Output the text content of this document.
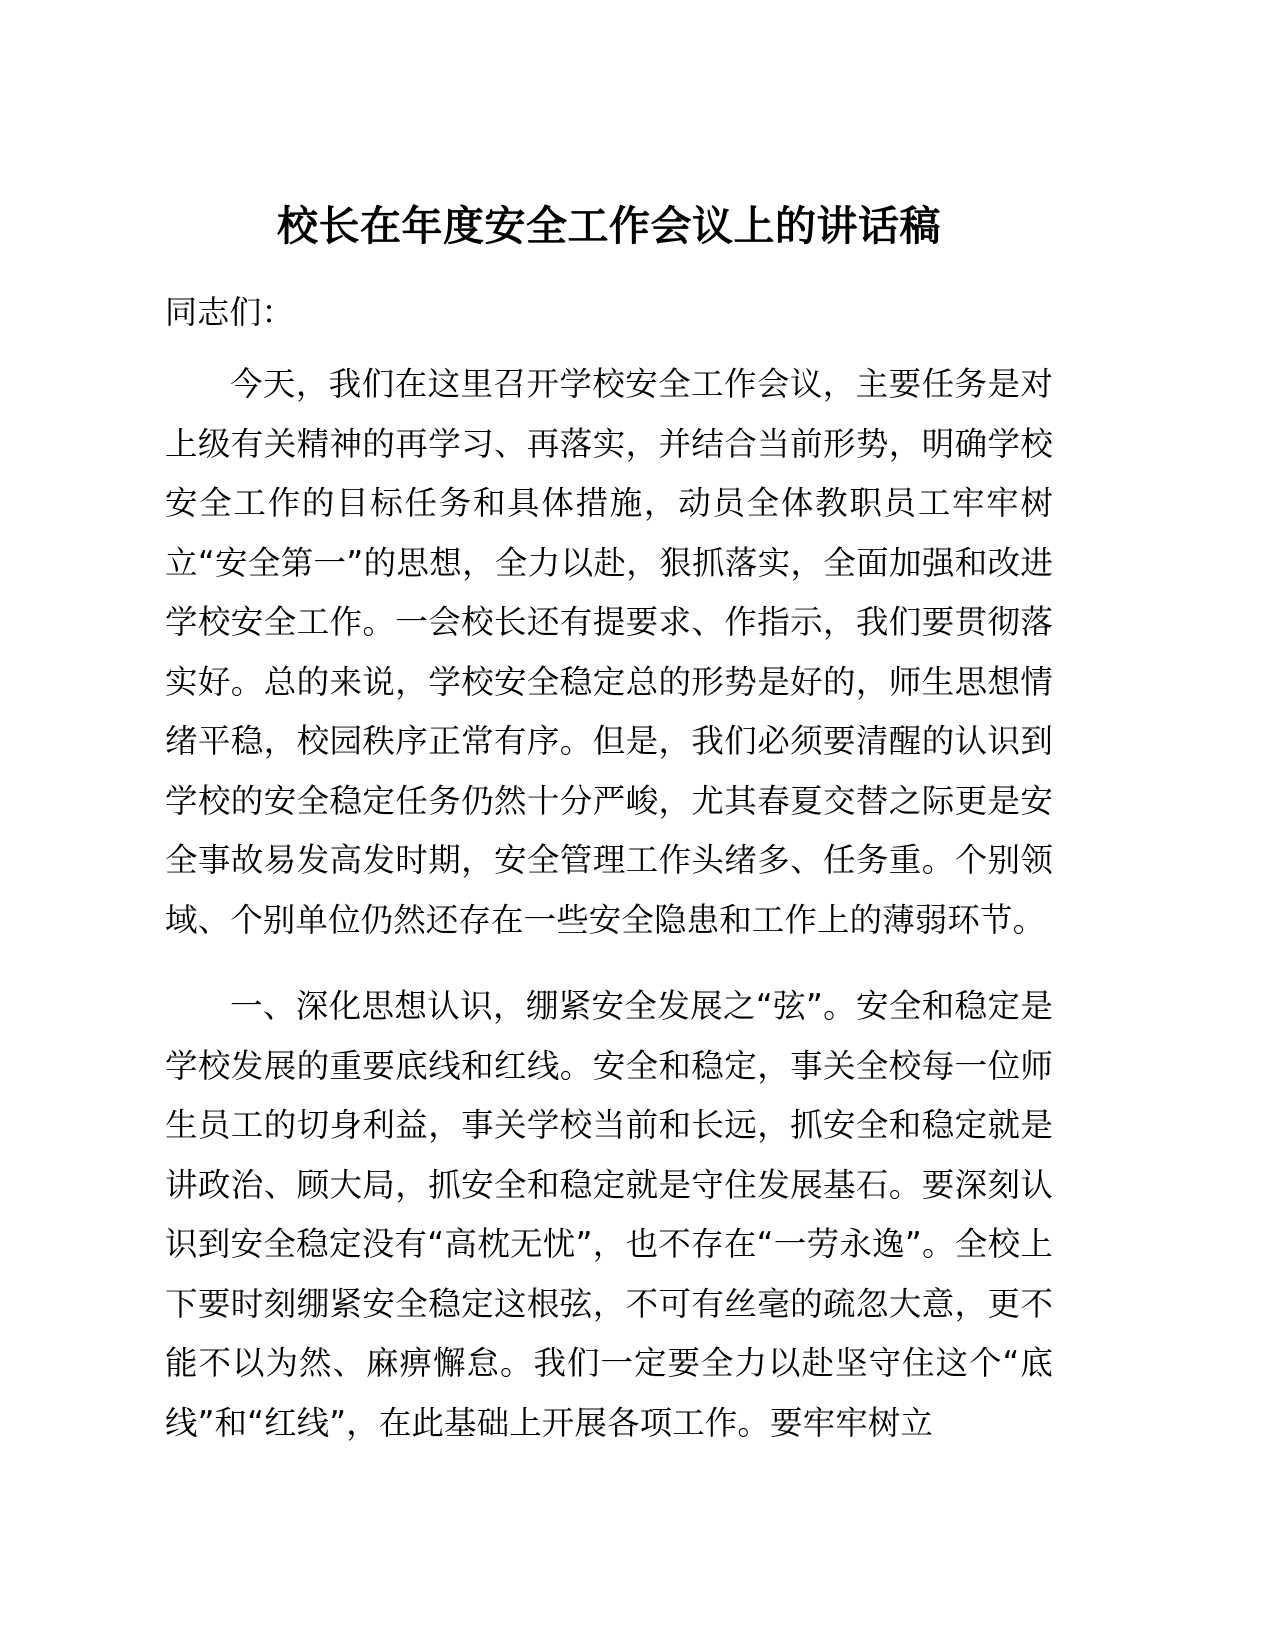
校长在年度安全工作会议上的讲话稿

同志们：

今天，我们在这里召开学校安全工作会议，主要任务是对上级有关精神的再学习、再落实，并结合当前形势，明确学校安全工作的目标任务和具体措施，动员全体教职员工牢牢树立“安全第一”的思想，全力以赴，狠抓落实，全面加强和改进学校安全工作。一会校长还有提要求、作指示，我们要贯彻落实好。总的来说，学校安全稳定总的形势是好的，师生思想情绪平稳，校园秩序正常有序。但是，我们必须要清醒的认识到学校的安全稳定任务仍然十分严峻，尤其春夏交替之际更是安全事故易发高发时期，安全管理工作头绪多、任务重。个别领域、个别单位仍然还存在一些安全隐患和工作上的薄弱环节。

一、深化思想认识，绷紧安全发展之“弦”。安全和稳定是学校发展的重要底线和红线。安全和稳定，事关全校每一位师生员工的切身利益，事关学校当前和长远，抓安全和稳定就是讲政治、顾大局，抓安全和稳定就是守住发展基石。要深刻认识到安全稳定没有“高枕无忧”，也不存在“一劳永逸”。全校上下要时刻绷紧安全稳定这根弦，不可有丝毫的疏忽大意，更不能不以为然、麻痹懈怠。我们一定要全力以赴坚守住这个“底线”和“红线”，在此基础上开展各项工作。要牢牢树立
